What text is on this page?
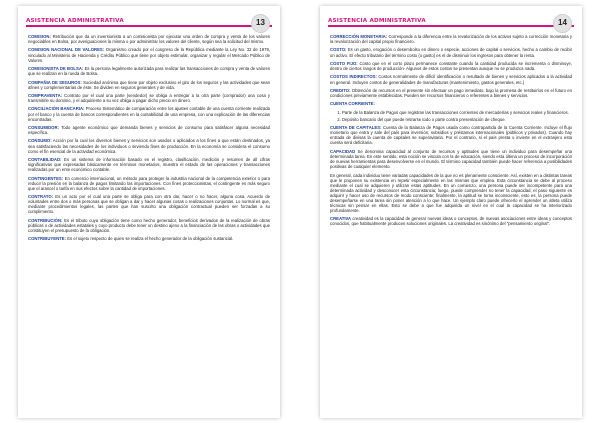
ASISTENCIA ADMINISTRATIVA	13

COMISION: Retribución que da un inversionista a un comisionista por ejecutar una orden de compra y venta de los valores negociables en Bolsa, por averiguaciones la misma o por administrar los valores del cliente, según sea la solicitud del mismo.

COMISION NACIONAL DE VALORES: Organismo creado por el congreso de la República mediante la Ley No. 32 de 1979, vinculado al Ministerio de Hacienda y Crédito Público que tiene por objeto estimular, organizar y regular el Mercado Público de Valores.

COMISIONISTA DE BOLSA: Es la persona legalmente autorizada para realizar las transacciones de compra y venta de valores que se realizan en la rueda de Bolsa.

COMPAÑIA DE SEGUROS: Sociedad anónima que tiene por objeto exclusivo el giro de los seguros y las actividades que sean afines y complementarias de éste. Se dividen en seguros generales y de vida.

COMPRAVENTA: Contrato por el cual una parte (vendedor) se obliga a entregar a la otra parte (comprador) una cosa y transmitirle su dominio, y el adquiriente a su vez obliga a pagar dicho precio en dinero.

CONCILIACIÓN BANCARIA: Proceso Sistemático de comparación entre los ajustes contable de una cuenta corriente realizada por el banco y la cuenta de bancos correspondientes en la contabilidad de una empresa, con una explicación de las diferencias encontradas.

CONSUMIDOR: Todo agente económico que demanda bienes y servicios de consumo para satisfacer alguna necesidad específica.

CONSUMO: Acción por la cual los diversos bienes y servicios son usados o aplicados a los fines a que están destinados, ya sea satisfaciendo las necesidades de los individuos o sirviendo fines de producción. En la economía se considera el consumo como el fin esencial de la actividad económica.

CONTABILIDAD: Es un sistema de información basado en el registro, clasificación, medición y resumen de all cifras significativas que expresadas básicamente en términos monetarios, muestra el estado de las operaciones y transacciones realizadas por un ente económico contable.

CONTINGENTES: En comercio internacional, un método para proteger la industria nacional de la competencia exterior o para reducir la presión en la balanza de pagos limitando las importaciones. Con fines proteccionistas, el contingente es más seguro que el arancel o tarifa en sus efectos sobre la cantidad de importaciones.

CONTRATO: Es un acto por el cual una parte se obliga para con otra dar, hacer o no hacer, alguna cosa. Acuerdo de voluntades entre dos o más personas que se obligan a dar y hacer algunas cosas o realizaciones conjuntas. Lo normal es que, mediante procedimientos legales, las partes que han suscrito una obligación contractual pueden ser forzadas a su cumplimiento.

CONTRIBUCIÓN: Es el tributo cuya obligación tiene como hecho generador, beneficios derivados de la realización de obras públicas o de actividades estatales y cuyo producto debe tener un destino ajeno a la financiación de las obras o actividades que constituyen el presupuesto de la obligación.

CONTRIBUYENTE: Es el sujeto respecto de quien se realiza el hecho generador de la obligación sustancial.

ASISTENCIA ADMINISTRATIVA	14

CORRECCIÓN MONETARIA: Corresponde a la diferencia entre la revalorización de los activos sujeto a corrección monetaria y la revalorización del capital propio financiero.

COSTO: Es un gasto, erogación o desembolso en dinero o especie, acciones de capital o servicios, hecho a cambio de recibir un activo. El efecto tributario del término costo (o gasto) es el de disminuir los ingresos para obtener la renta.

COSTO FIJO: Costo que en el corto plazo permanece constante cuando la cantidad producida se incrementa o disminuye, dentro de ciertos rangos de producción- Algunos de estos costos se presentan aunque no se produzca nada.

COSTOS INDIRECTOS: Costos normalmente de difícil identificación o resultado de bienes y servicios aplicados a la actividad en general. Incluyen costos de generalidades de manufacturas (mantenimiento, gastos generales, etc.)

CREDITO: Obtención de recursos en el presente sin efectuar un pago inmediato, bajo la promesa de restituirlos en el futuro en condiciones previamente establecidas. Pueden ser recursos financieros o referentes a bienes y servicios.

CUENTA CORRIENTE:

1. Parte de la Balanza de Pagos que registran las transacciones corrientes de mercaderías y servicios reales y financieros.
2. Depósito bancario del que puede retirarse todo o parte contra presentación de cheque.

CUENTA DE CAPITALES: Cuenta de la Balanza de Pagos usada como contrapartida de la Cuenta Corriente. Incluye el flujo monetario que entra y sale del país para inversión, subsidios y préstamos internacionales (públicos y privados). Cuando hay entrada de divisas la cuenta de capitales se superavitaria. Por el contrario, si el país presta o invierte en el extranjero esta cuenta será deficitaria.

CAPACIDAD Se denomina capacidad al conjunto de recursos y aptitudes que tiene un individuo para desempeñar una determinada tarea. En este sentido, esta noción se vincula con la de educación, siendo esta última un proceso de incorporación de nuevas herramientas para desenvolverse en el mundo. El término capacidad también puede hacer referencia a posibilidades positivas de cualquier elemento.

En general, cada individuo tiene variadas capacidades de la que no es plenamente consciente. Así, existen en a distintas tareas que le proponen su existencia en repetir especialmente en las mismas que emplea. Esta circunstancia se debe al proceso mediante el cual se adquieren y utilizan estas aptitudes. En un comienzo, una persona puede ser incompetente para una determinada actividad y desconocer esta circunstancia; luego, puede comprender no tener la capacidad, el paso siguiente es adquirir y hacer uso de recursos de modo consciente; finalmente, la aptitud se torna inconsciente, esto es, la persona puede desempeñarse en una tarea sin poner atención a lo que hace. Un ejemplo claro puede ofrecerlo el aprender un atleta utiliza técnicas sin pensar en ellas. Esto se debe a que fue adquirida un nivel en el cual la capacidad se ha interiorizado profundamente.

CREATIVA creatividad es la capacidad de generar nuevas ideas o conceptos, de nuevas asociaciones entre ideas y conceptos conocidos, que habitualmente producen soluciones originales. La creatividad es sinónimo del "pensamiento original".
